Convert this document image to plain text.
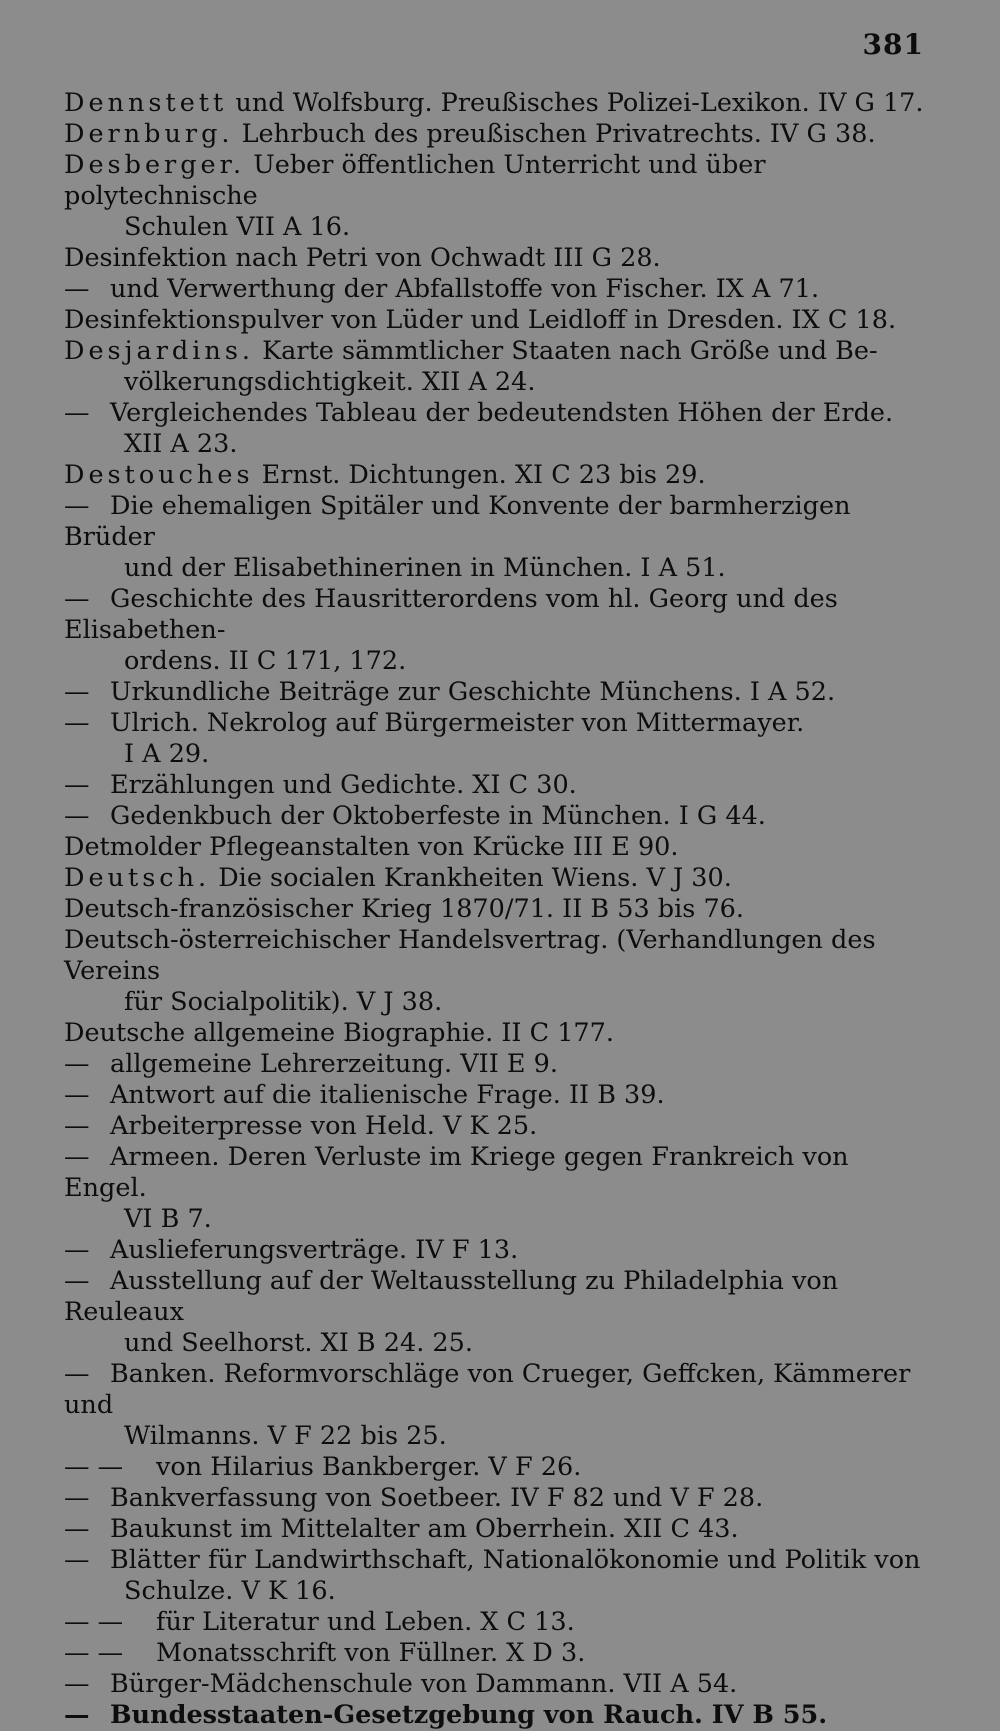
381
Dennstett und Wolfsburg. Preußisches Polizei-Lexikon. IV G 17.
Dernburg. Lehrbuch des preußischen Privatrechts. IV G 38.
Desberger. Ueber öffentlichen Unterricht und über polytechnische
Schulen VII A 16.
Desinfektion nach Petri von Ochwadt III G 28.
— und Verwerthung der Abfallstoffe von Fischer. IX A 71.
Desinfektionspulver von Lüder und Leidloff in Dresden. IX C 18.
Desjardins. Karte sämmtlicher Staaten nach Größe und Be-
völkerungsdichtigkeit. XII A 24.
— Vergleichendes Tableau der bedeutendsten Höhen der Erde.
XII A 23.
Destouches Ernst. Dichtungen. XI C 23 bis 29.
— Die ehemaligen Spitäler und Konvente der barmherzigen Brüder
und der Elisabethinerinen in München. I A 51.
— Geschichte des Hausritterordens vom hl. Georg und des Elisabethen-
ordens. II C 171, 172.
— Urkundliche Beiträge zur Geschichte Münchens. I A 52.
— Ulrich. Nekrolog auf Bürgermeister von Mittermayer.
I A 29.
— Erzählungen und Gedichte. XI C 30.
— Gedenkbuch der Oktoberfeste in München. I G 44.
Detmolder Pflegeanstalten von Krücke III E 90.
Deutsch. Die socialen Krankheiten Wiens. V J 30.
Deutsch-französischer Krieg 1870/71. II B 53 bis 76.
Deutsch-österreichischer Handelsvertrag. (Verhandlungen des Vereins
für Socialpolitik). V J 38.
Deutsche allgemeine Biographie. II C 177.
— allgemeine Lehrerzeitung. VII E 9.
— Antwort auf die italienische Frage. II B 39.
— Arbeiterpresse von Held. V K 25.
— Armeen. Deren Verluste im Kriege gegen Frankreich von Engel.
VI B 7.
— Auslieferungsverträge. IV F 13.
— Ausstellung auf der Weltausstellung zu Philadelphia von Reuleaux
und Seelhorst. XI B 24. 25.
— Banken. Reformvorschläge von Crueger, Geffcken, Kämmerer und
Wilmanns. V F 22 bis 25.
— — von Hilarius Bankberger. V F 26.
— Bankverfassung von Soetbeer. IV F 82 und V F 28.
— Baukunst im Mittelalter am Oberrhein. XII C 43.
— Blätter für Landwirthschaft, Nationalökonomie und Politik von
Schulze. V K 16.
— — für Literatur und Leben. X C 13.
— — Monatsschrift von Füllner. X D 3.
— Bürger-Mädchenschule von Dammann. VII A 54.
— Bundesstaaten-Gesetzgebung von Rauch. IV B 55.
